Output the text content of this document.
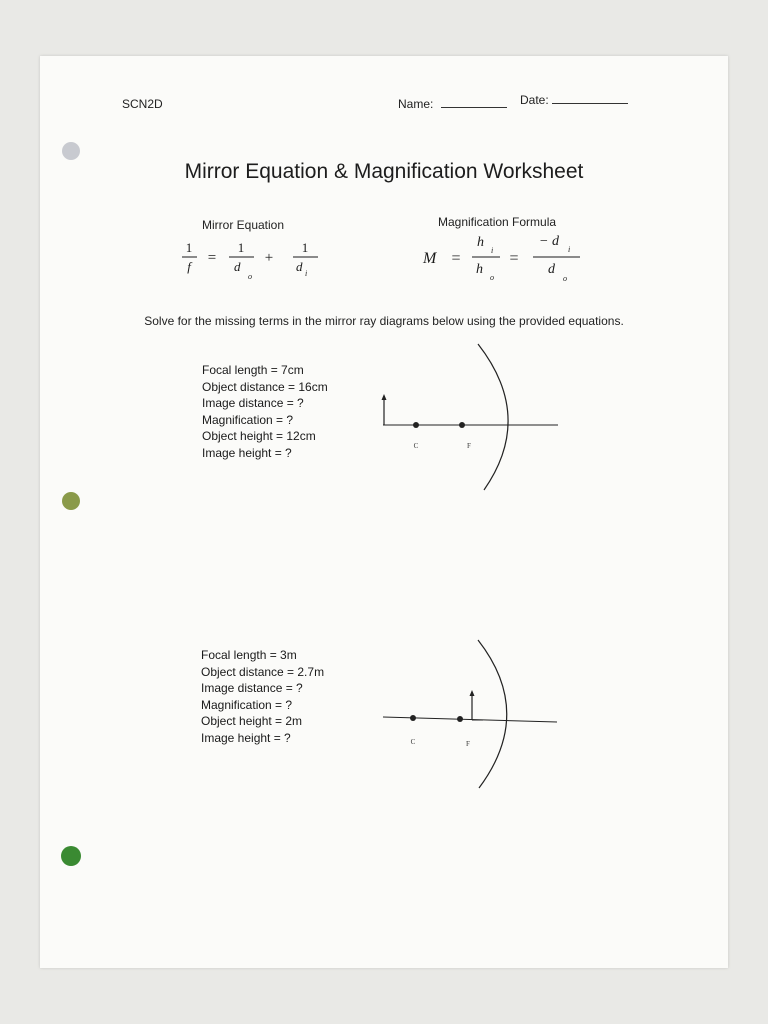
SCN2D	Name:	Date:
Mirror Equation & Magnification Worksheet
Mirror Equation	Magnification Formula
1
f
=
1
d
o
+
1
d i
M =
h
i
h
o
=
− d
i
d
o
Solve for the missing terms in the mirror ray diagrams below using the provided equations.
Focal length = 7cm
Object distance = 16cm
Image distance = ?
Magnification = ?
Object height = 12cm
Image height = ?	C	F
Focal length = 3m
Object distance = 2.7m
Image distance = ?
Magnification = ?
Object height = 2m
Image height = ?	C	F
